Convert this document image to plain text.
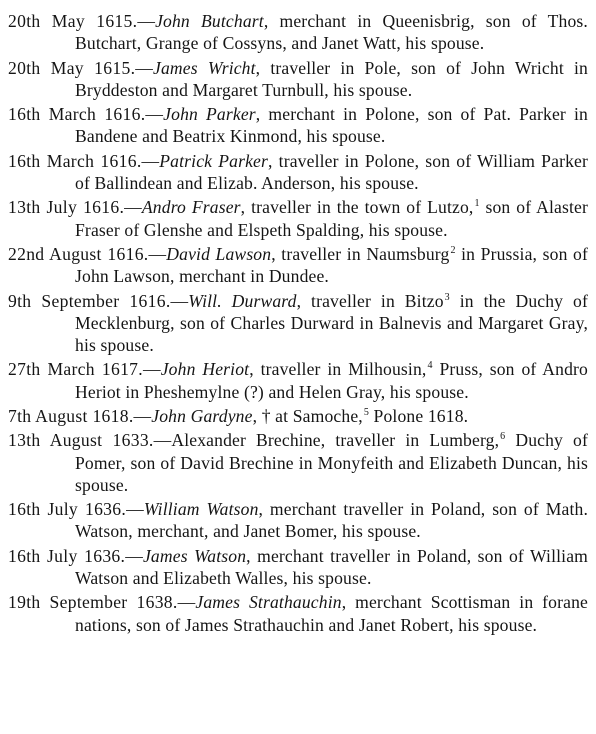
20th May 1615.—John Butchart, merchant in Queenisbrig, son of Thos. Butchart, Grange of Cossyns, and Janet Watt, his spouse.

20th May 1615.—James Wricht, traveller in Pole, son of John Wricht in Bryddeston and Margaret Turnbull, his spouse.

16th March 1616.—John Parker, merchant in Polone, son of Pat. Parker in Bandene and Beatrix Kinmond, his spouse.

16th March 1616.—Patrick Parker, traveller in Polone, son of William Parker of Ballindean and Elizab. Anderson, his spouse.

13th July 1616.—Andro Fraser, traveller in the town of Lutzo,$^1$ son of Alaster Fraser of Glenshe and Elspeth Spalding, his spouse.

22nd August 1616.—David Lawson, traveller in Naumsburg$^2$ in Prussia, son of John Lawson, merchant in Dundee.

9th September 1616.—Will. Durward, traveller in Bitzo$^3$ in the Duchy of Mecklenburg, son of Charles Durward in Balnevis and Margaret Gray, his spouse.

27th March 1617.—John Heriot, traveller in Milhousin,$^4$ Pruss, son of Andro Heriot in Pheshemylne (?) and Helen Gray, his spouse.

7th August 1618.—John Gardyne, † at Samoche,$^5$ Polone 1618.

13th August 1633.—Alexander Brechine, traveller in Lumberg,$^6$ Duchy of Pomer, son of David Brechine in Monyfeith and Elizabeth Duncan, his spouse.

16th July 1636.—William Watson, merchant traveller in Poland, son of Math. Watson, merchant, and Janet Bomer, his spouse.

16th July 1636.—James Watson, merchant traveller in Poland, son of William Watson and Elizabeth Walles, his spouse.

19th September 1638.—James Strathauchin, merchant Scottisman in forane nations, son of James Strathauchin and Janet Robert, his spouse.
